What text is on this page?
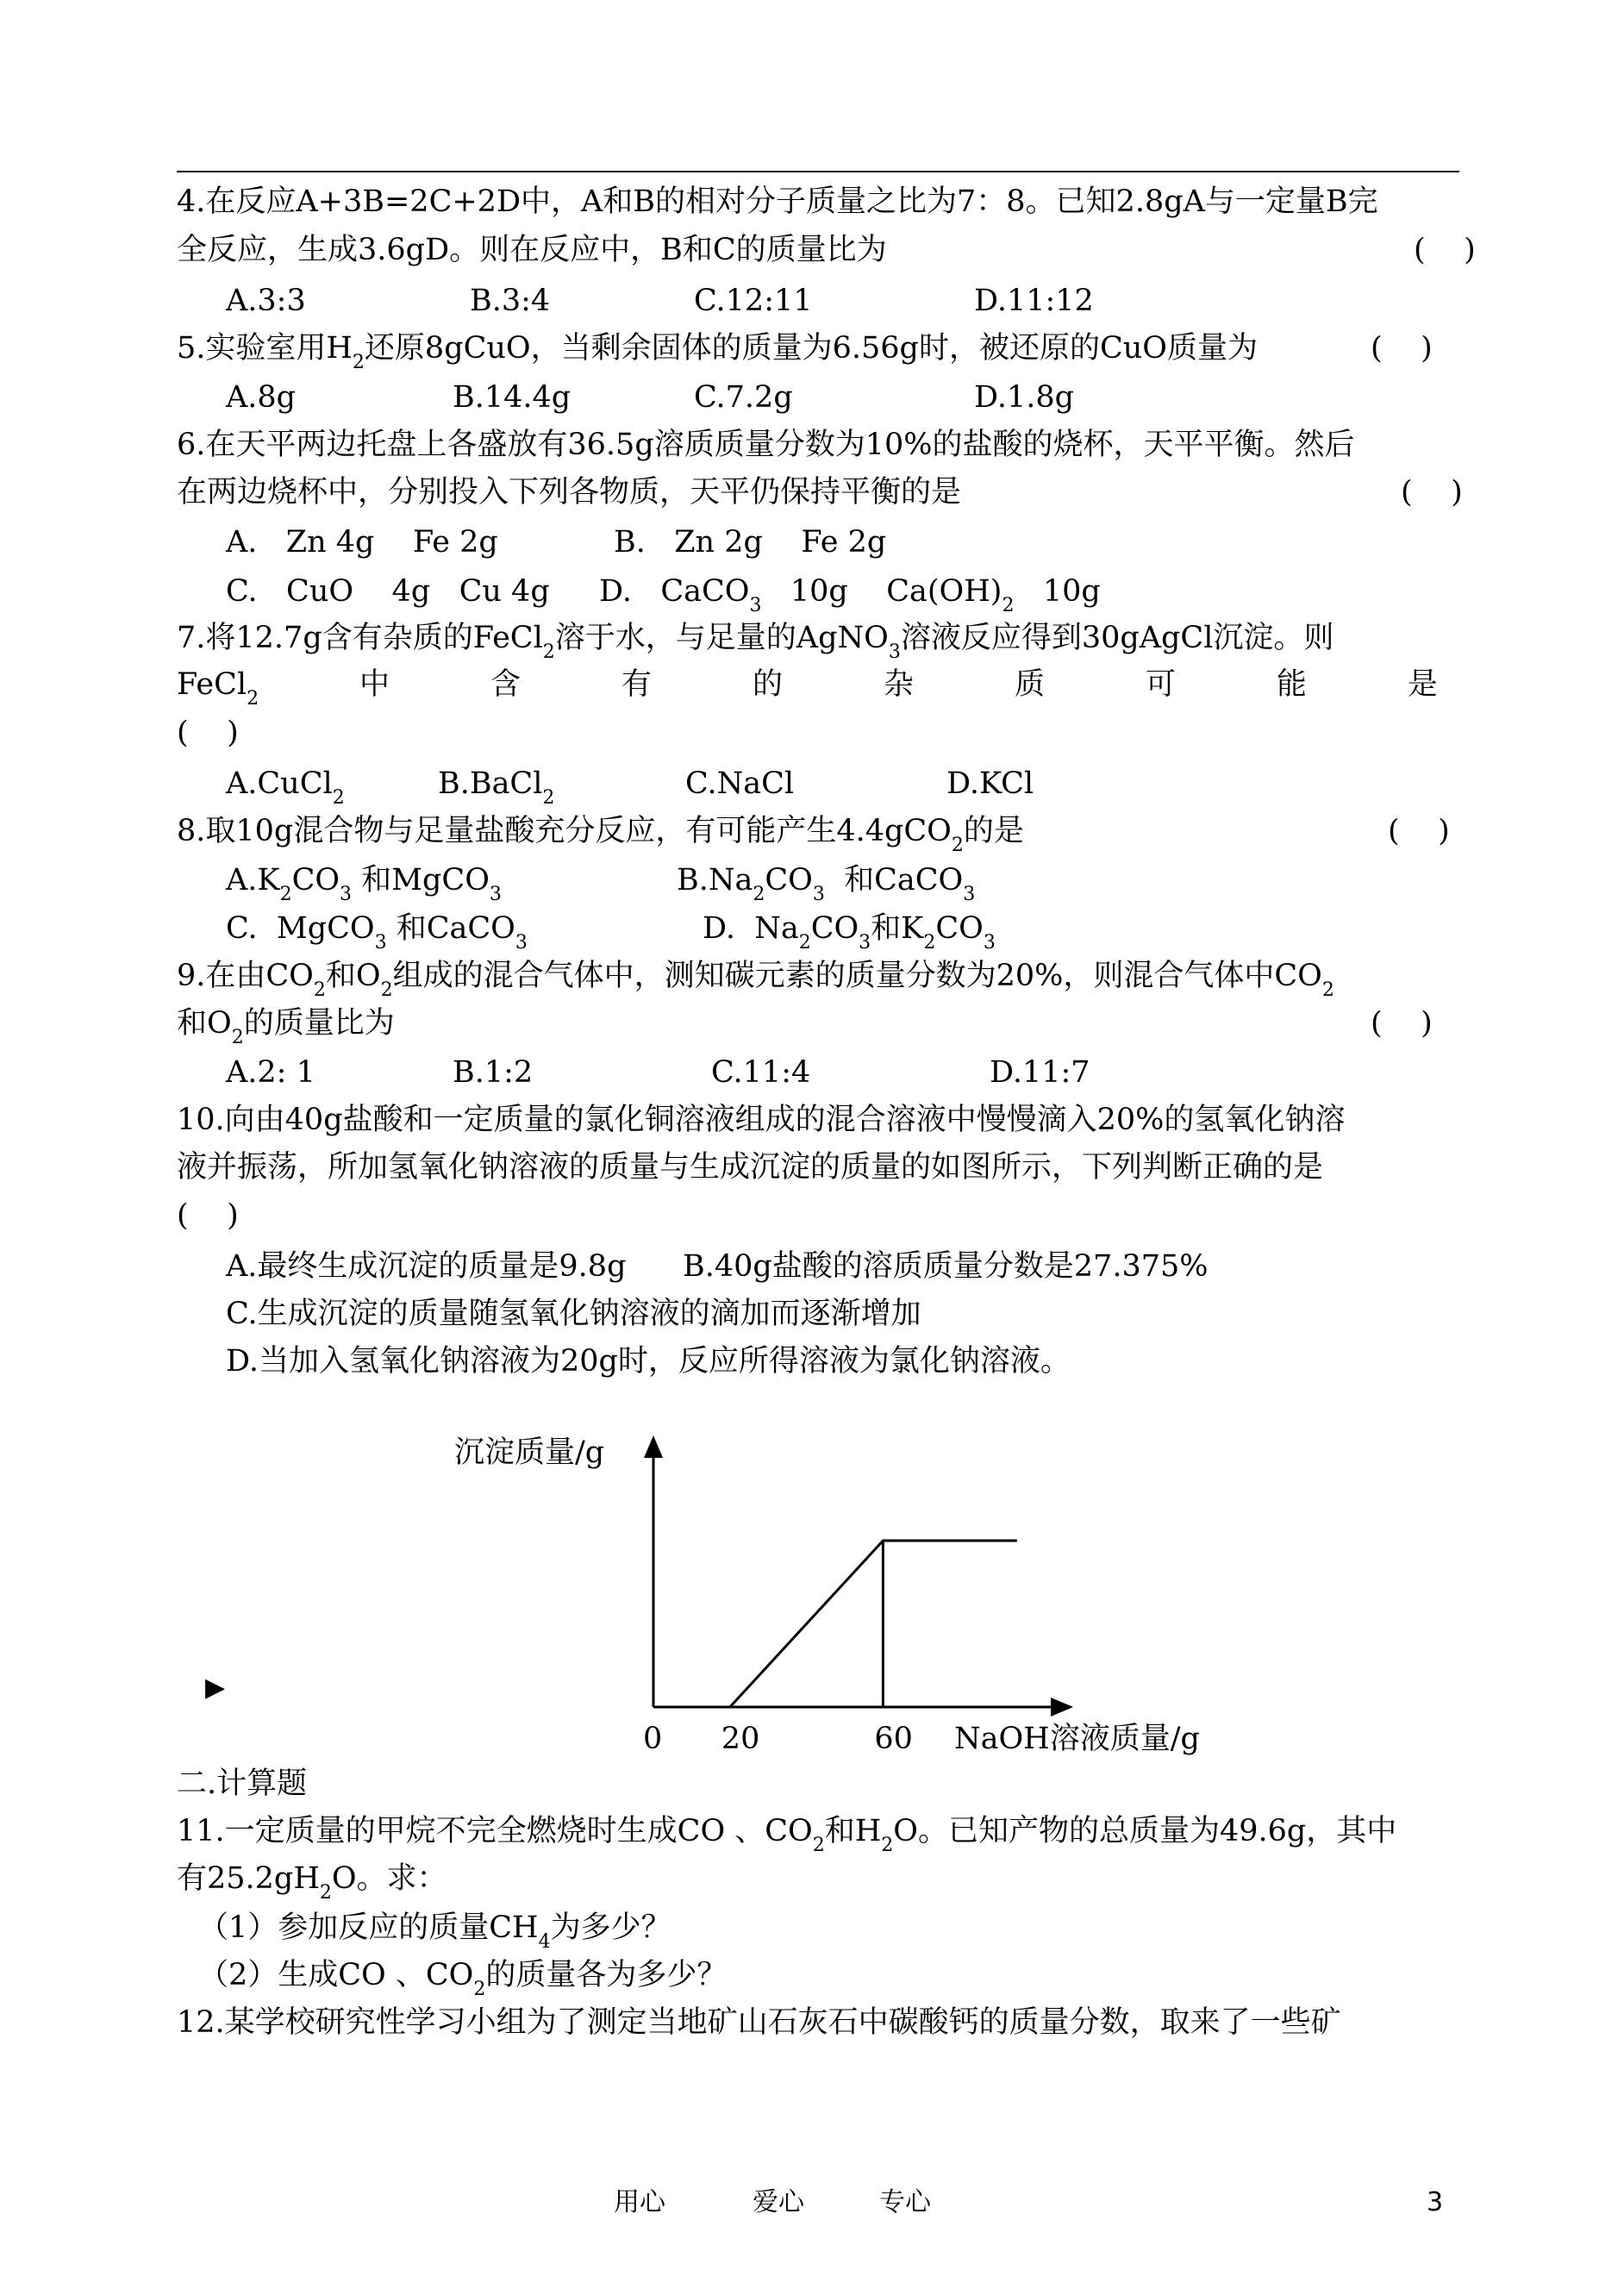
4.在反应A+3B=2C+2D中，A和B的相对分子质量之比为7：8。已知2.8gA与一定量B完
全反应，生成3.6gD。则在反应中，B和C的质量比为	(    )
A.3:3	B.3:4	C.12:11	D.11:12
5.实验室用$H_2$还原8gCuO，当剩余固体的质量为6.56g时，被还原的CuO质量为	(    )
A.8g	B.14.4g	C.7.2g	D.1.8g
6.在天平两边托盘上各盛放有36.5g溶质质量分数为10%的盐酸的烧杯，天平平衡。然后
在两边烧杯中，分别投入下列各物质，天平仍保持平衡的是	(    )
A.   Zn 4g    Fe 2g	B.   Zn 2g    Fe 2g
C.   CuO    4g   Cu 4g D.   CaCO$_3$   10g    $Ca(OH)_2$   10g
7.将12.7g含有杂质的FeCl$_2$溶于水，与足量的AgNO$_3$溶液反应得到30gAgCl沉淀。则
FeCl$_2$	中	含	有	的	杂	质	可	能	是
(    )
A.CuCl$_2$	B.BaCl$_2$	C.NaCl	D.KCl
8.取10g混合物与足量盐酸充分反应，有可能产生4.4gCO$_2$的是	(    )
$A.K_2CO_3$ 和MgCO$_3$	$B.Na_2CO_3$  和CaCO$_3$
C.  MgCO$_3$ 和CaCO$_3$	D.  $Na_2CO_3$和$K_2CO_3$
9.在由$CO_2$和$O_2$组成的混合气体中，测知碳元素的质量分数为20%，则混合气体中$CO_2$
和$O_2$的质量比为	(    )
A.2: 1	B.1:2	C.11:4	D.11:7
10.向由40g盐酸和一定质量的氯化铜溶液组成的混合溶液中慢慢滴入20%的氢氧化钠溶
液并振荡，所加氢氧化钠溶液的质量与生成沉淀的质量的如图所示，下列判断正确的是
(    )
A.最终生成沉淀的质量是9.8g B.40g盐酸的溶质质量分数是27.375%
C.生成沉淀的质量随氢氧化钠溶液的滴加而逐渐增加
D.当加入氢氧化钠溶液为20g时，反应所得溶液为氯化钠溶液。
沉淀质量/g
NaOH溶液质量/g
0 20	60
▶
二.计算题
11.一定质量的甲烷不完全燃烧时生成CO 、$CO_2$和$H_2O$。已知产物的总质量为49.6g，其中
有$25.2gH_2O$。求：
（1）参加反应的质量$CH_4$为多少？
（2）生成CO 、$CO_2$的质量各为多少？
12.某学校研究性学习小组为了测定当地矿山石灰石中碳酸钙的质量分数，取来了一些矿
用心	爱心	专心	3
